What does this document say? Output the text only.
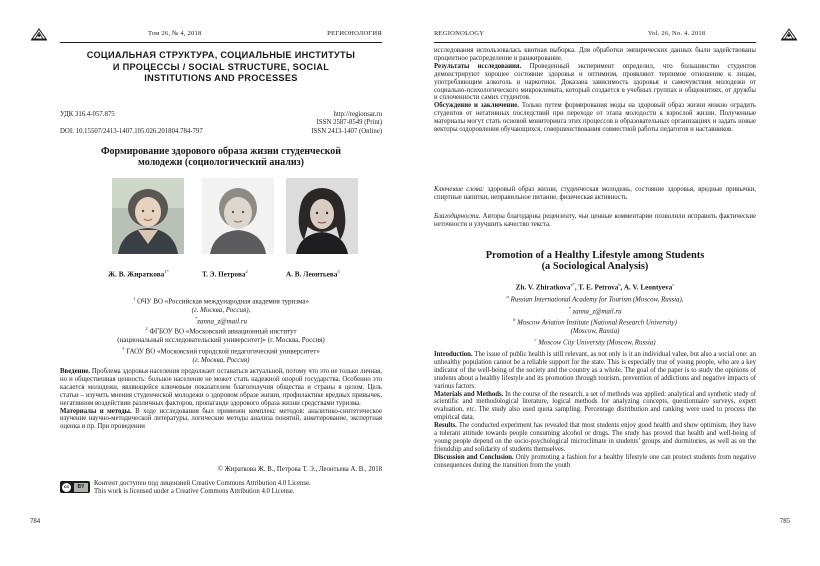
Том 26, № 4, 2018	РЕГИОНОЛОГИЯ
СОЦИАЛЬНАЯ СТРУКТУРА, СОЦИАЛЬНЫЕ ИНСТИТУТЫ
И ПРОЦЕССЫ / SOCIAL STRUCTURE, SOCIAL
INSTITUTIONS AND PROCESSES
УДК 316.4-057.875	http://regionsar.ru
ISSN 2587-8549 (Print)
DOI: 10.15507/2413-1407.105.026.201804.784-797	ISSN 2413-1407 (Online)
Формирование здорового образа жизни студенческой
молодежи (социологический анализ)
Ж. В. Жираткова$^{1*}$	Т. Э. Петрова$^2$	А. В. Леонтьева$^3$
$^1$ ОЧУ ВО «Российская международная академия туризма»
(г. Москва, Россия),
*zanna_z@mail.ru
$^2$ ФГБОУ ВО «Московский авиационный институт
(национальный исследовательский университет)» (г. Москва, Россия)
$^3$ ГАОУ ВО «Московский городской педагогический университет»
(г. Москва, Россия)
Введение. Проблема здоровья населения продолжает оставаться актуальной, потому что это не только личная, но и общественная ценность: больное население не может стать надежной опорой государства. Особенно это касается молодежи, являющейся ключевым показателем благополучия общества и страны в целом. Цель статьи – изучить мнения студенческой молодежи о здоровом образе жизни, профилактике вредных привычек, негативном воздействии различных факторов, пропаганде здорового образа жизни средствами туризма.
Материалы и методы. В ходе исследования был применен комплекс методов: аналитико-синтетическое изучение научно-методической литературы, логические методы анализа понятий, анкетирование, экспертная оценка и пр. При проведении
© Жираткова Ж. В., Петрова Т. Э., Леонтьева А. В., 2018
cc	BY	Контент доступен под лицензией Creative Commons Attribution 4.0 License.
This work is licensed under a Creative Commons Attribution 4.0 License.
784
REGIONOLOGY	Vol. 26, No. 4. 2018
исследования использовалась квотная выборка. Для обработки эмпирических данных были задействованы процентное распределение и ранжирование.
Результаты исследования. Проведенный эксперимент определил, что большинство студентов демонстрируют хорошее состояние здоровья и оптимизм, проявляют терпимое отношение к лицам, употребляющим алкоголь и наркотики. Доказана зависимость здоровья и самочувствия молодежи от социально-психологического микроклимата, который создается в учебных группах и общежитиях, от дружбы и сплоченности самих студентов.
Обсуждение и заключение. Только путем формирования моды на здоровый образ жизни можно оградить студентов от негативных последствий при переходе от этапа молодости к взрослой жизни. Полученные материалы могут стать основой мониторинга этих процессов в образовательных организациях и задать новые векторы оздоровления обучающихся, совершенствования совместной работы педагогов и наставников.
Ключевые слова: здоровый образ жизни, студенческая молодежь, состояние здоровья, вредные привычки, спиртные напитки, неправильное питание, физическая активность
Благодарности. Авторы благодарны рецензенту, чьи ценные комментарии позволили исправить фактические неточности и улучшить качество текста.
Promotion of a Healthy Lifestyle among Students
(a Sociological Analysis)
Zh. V. Zhiratkova$^{a*}$, T. E. Petrova$^b$, A. V. Leontyeva$^c$
$^a$ Russian International Academy for Tourism (Moscow, Russia),
* zanna_z@mail.ru
$^b$ Moscow Aviation Institute (National Research University)
(Moscow, Russia)
$^c$ Moscow City University (Moscow, Russia)
Introduction. The issue of public health is still relevant, as not only is it an individual value, but also a social one: an unhealthy population cannot be a reliable support for the state. This is especially true of young people, who are a key indicator of the well-being of the society and the country as a whole. The goal of the paper is to study the opinions of students about a healthy lifestyle and its promotion through tourism, prevention of addictions and negative impacts of various factors.
Materials and Methods. In the course of the research, a set of methods was applied: analytical and synthetic study of scientific and methodological literature, logical methods for analyzing concepts, questionnaire surveys, expert evaluation, etc. The study also used quota sampling. Percentage distribution and ranking were used to process the empirical data.
Results. The conducted experiment has revealed that most students enjoy good health and show optimism, they have a tolerant attitude towards people consuming alcohol or drugs. The study has proved that health and well-being of young people depend on the socio-psychological microclimate in students’ groups and dormitories, as well as on the friendship and solidarity of students themselves.
Discussion and Conclusion. Only promoting a fashion for a healthy lifestyle one can protect students from negative consequences during the transition from the youth
785
